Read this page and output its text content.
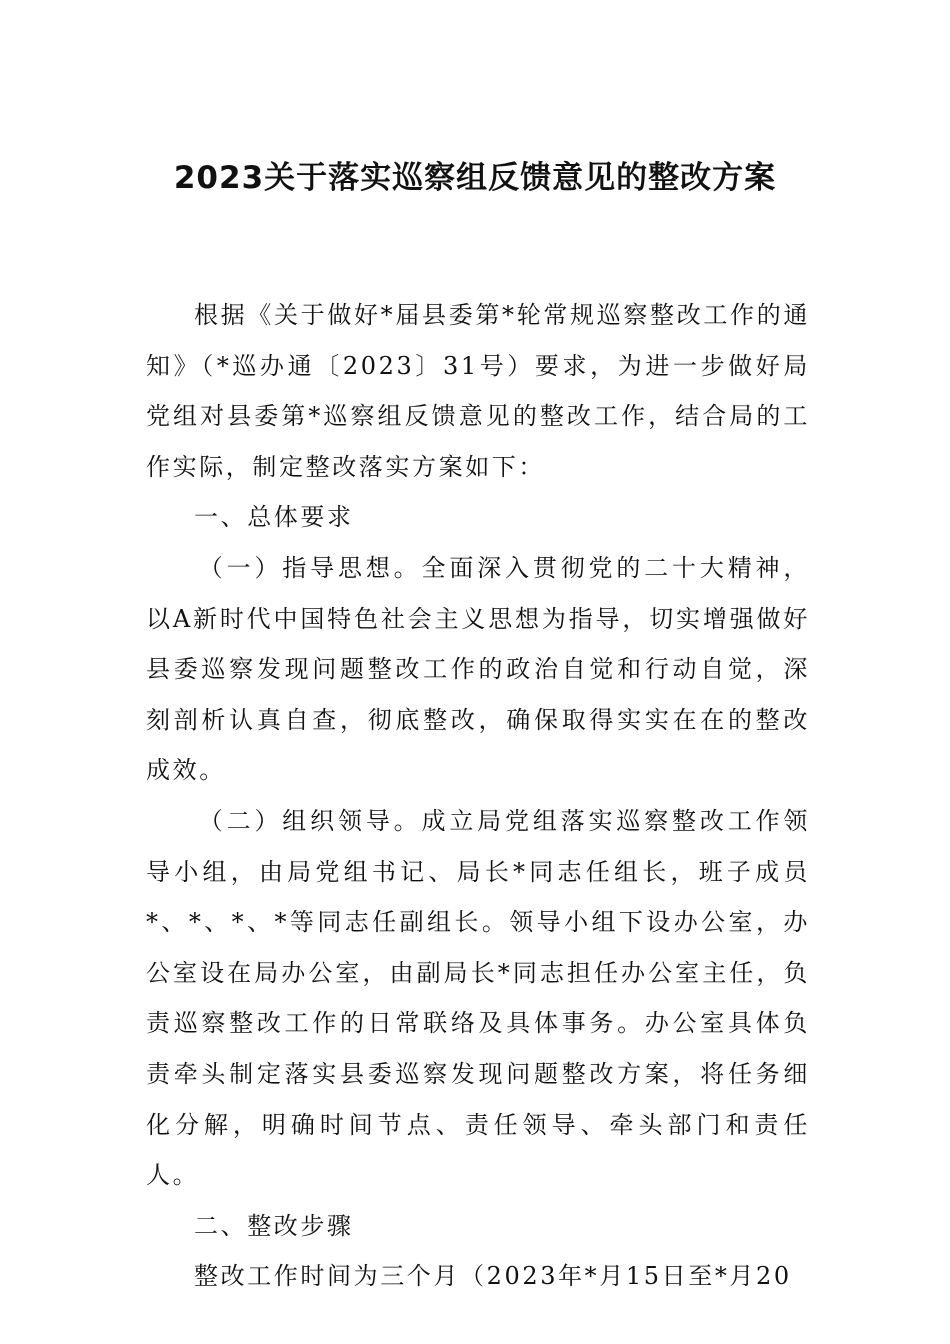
2023关于落实巡察组反馈意见的整改方案

根据《关于做好*届县委第*轮常规巡察整改工作的通知》（*巡办通〔2023〕31号）要求，为进一步做好局党组对县委第*巡察组反馈意见的整改工作，结合局的工作实际，制定整改落实方案如下：

一、总体要求

（一）指导思想。全面深入贯彻党的二十大精神，以A新时代中国特色社会主义思想为指导，切实增强做好县委巡察发现问题整改工作的政治自觉和行动自觉，深刻剖析认真自查，彻底整改，确保取得实实在在的整改成效。

（二）组织领导。成立局党组落实巡察整改工作领导小组，由局党组书记、局长*同志任组长，班子成员*、*、*、*等同志任副组长。领导小组下设办公室，办公室设在局办公室，由副局长*同志担任办公室主任，负责巡察整改工作的日常联络及具体事务。办公室具体负责牵头制定落实县委巡察发现问题整改方案，将任务细化分解，明确时间节点、责任领导、牵头部门和责任人。

二、整改步骤

整改工作时间为三个月（2023年*月15日至*月20
